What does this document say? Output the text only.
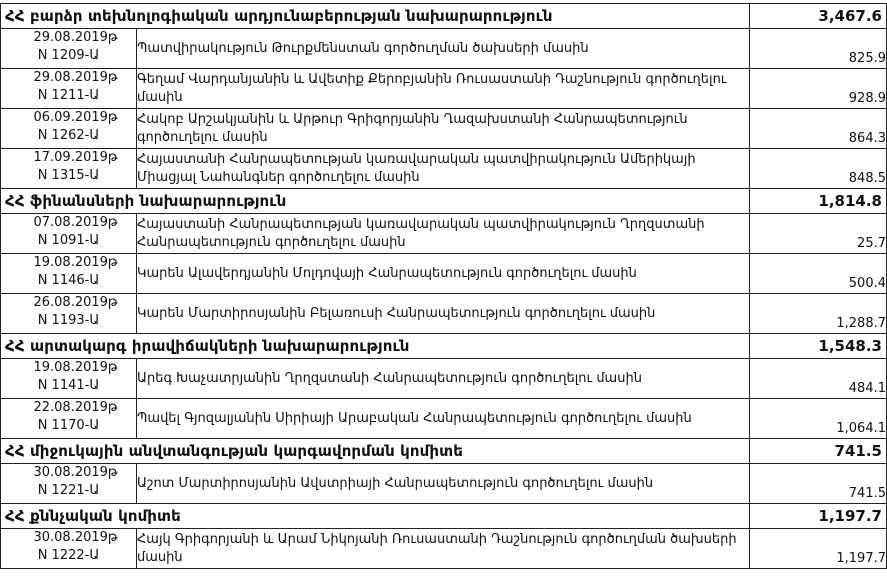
ՀՀ բարձր տեխնոլոգիական արդյունաբերության նախարարություն		3,467.6

29.08.2019թ
N 1209-Ա	Պատվիրակություն Թուրքմենստան գործուղման ծախսերի մասին	825.9

29.08.2019թ
N 1211-Ա	Գեղամ Վարդանյանին և Ավետիք Քերոբյանին Ռուսաստանի Դաշնություն գործուղելու մասին	928.9

06.09.2019թ
N 1262-Ա	Հակոբ Արշակյանին և Արթուր Գրիգորյանին Ղազախստանի Հանրապետություն գործուղելու մասին	864.3

17.09.2019թ
N 1315-Ա	Հայաստանի Հանրապետության կառավարական պատվիրակություն Ամերիկայի Միացյալ Նահանգներ գործուղելու մասին	848.5
ՀՀ ֆինանսների նախարարություն		1,814.8

07.08.2019թ
N 1091-Ա	Հայաստանի Հանրապետության կառավարական պատվիրակություն Ղրղզստանի Հանրապետություն գործուղելու մասին	25.7

19.08.2019թ
N 1146-Ա	Կարեն Ալավերդյանին Մոլդովայի Հանրապետություն գործուղելու մասին	500.4

26.08.2019թ
N 1193-Ա	Կարեն Մարտիրոսյանին Բելառուսի Հանրապետություն գործուղելու մասին	1,288.7
ՀՀ արտակարգ իրավիճակների նախարարություն		1,548.3

19.08.2019թ
N 1141-Ա	Արեգ Խաչատրյանին Ղրղզստանի Հանրապետություն գործուղելու մասին	484.1

22.08.2019թ
N 1170-Ա	Պավել Գյոզալյանին Սիրիայի Արաբական Հանրապետություն գործուղելու մասին	1,064.1
ՀՀ միջուկային անվտանգության կարգավորման կոմիտե		741.5

30.08.2019թ
N 1221-Ա	Աշոտ Մարտիրոսյանին Ավստրիայի Հանրապետություն գործուղելու մասին	741.5
ՀՀ քննչական կոմիտե		1,197.7

30.08.2019թ
N 1222-Ա	Հայկ Գրիգորյանի և Արամ Նիկոյանի Ռուսաստանի Դաշնություն գործուղման ծախսերի մասին	1,197.7
